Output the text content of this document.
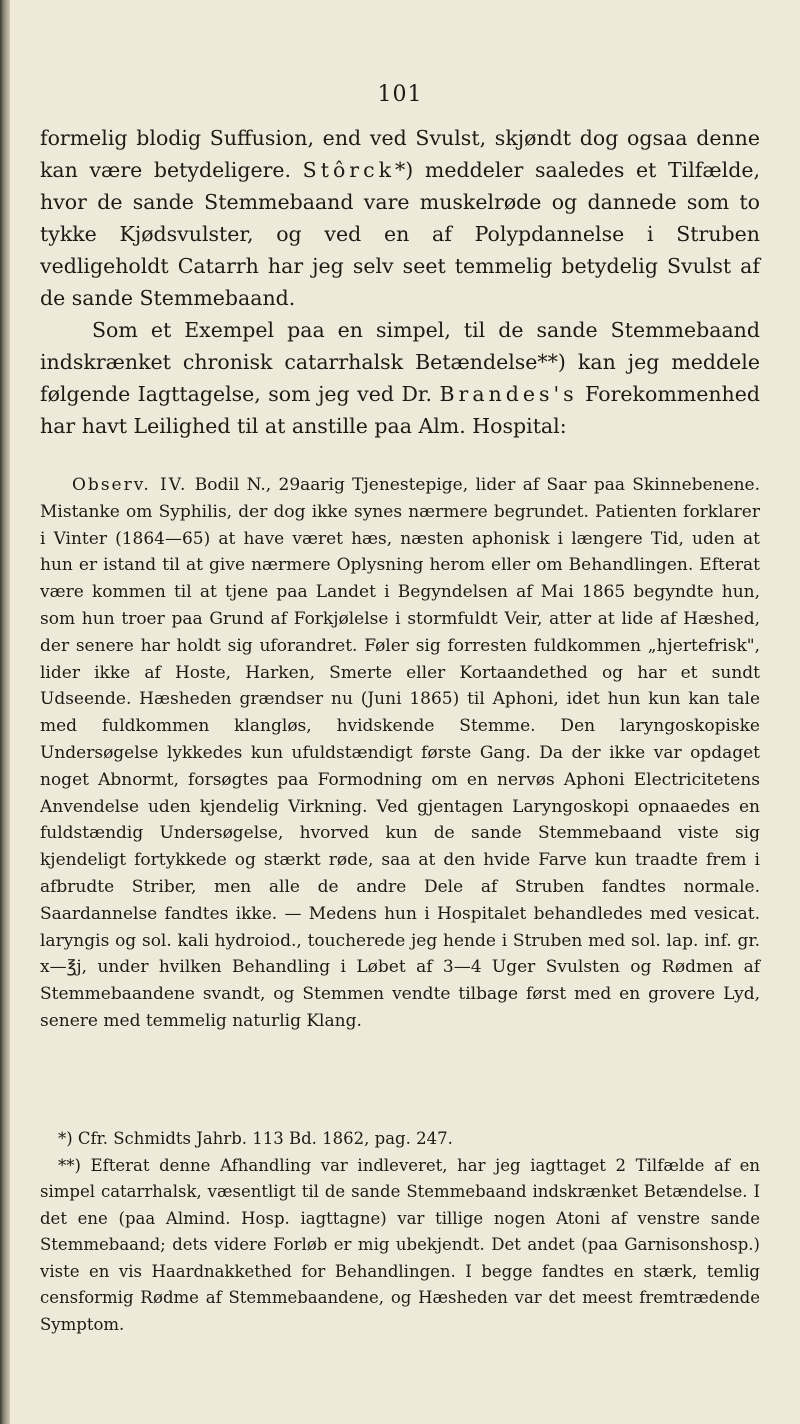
101

formelig blodig Suffusion, end ved Svulst, skjøndt dog ogsaa denne kan være betydeligere. Stôrck*) meddeler saaledes et Tilfælde, hvor de sande Stemmebaand vare muskelrøde og dannede som to tykke Kjødsvulster, og ved en af Polypdannelse i Struben vedligeholdt Catarrh har jeg selv seet temmelig betydelig Svulst af de sande Stemmebaand.

Som et Exempel paa en simpel, til de sande Stemmebaand indskrænket chronisk catarrhalsk Betændelse**) kan jeg meddele følgende Iagttagelse, som jeg ved Dr. Brandes's Forekommenhed har havt Leilighed til at anstille paa Alm. Hospital:

Observ. IV. Bodil N., 29aarig Tjenestepige, lider af Saar paa Skinnebenene. Mistanke om Syphilis, der dog ikke synes nærmere begrundet. Patienten forklarer i Vinter (1864—65) at have været hæs, næsten aphonisk i længere Tid, uden at hun er istand til at give nærmere Oplysning herom eller om Behandlingen. Efterat være kommen til at tjene paa Landet i Begyndelsen af Mai 1865 begyndte hun, som hun troer paa Grund af Forkjølelse i stormfuldt Veir, atter at lide af Hæshed, der senere har holdt sig uforandret. Føler sig forresten fuldkommen „hjertefrisk", lider ikke af Hoste, Harken, Smerte eller Kortaandethed og har et sundt Udseende. Hæsheden grændser nu (Juni 1865) til Aphoni, idet hun kun kan tale med fuldkommen klangløs, hvidskende Stemme. Den laryngoskopiske Undersøgelse lykkedes kun ufuldstændigt første Gang. Da der ikke var opdaget noget Abnormt, forsøgtes paa Formodning om en nervøs Aphoni Electricitetens Anvendelse uden kjendelig Virkning. Ved gjentagen Laryngoskopi opnaaedes en fuldstændig Undersøgelse, hvorved kun de sande Stemmebaand viste sig kjendeligt fortykkede og stærkt røde, saa at den hvide Farve kun traadte frem i afbrudte Striber, men alle de andre Dele af Struben fandtes normale. Saardannelse fandtes ikke. — Medens hun i Hospitalet behandledes med vesicat. laryngis og sol. kali hydroiod., toucherede jeg hende i Struben med sol. lap. inf. gr. x—℥j, under hvilken Behandling i Løbet af 3—4 Uger Svulsten og Rødmen af Stemmebaandene svandt, og Stemmen vendte tilbage først med en grovere Lyd, senere med temmelig naturlig Klang.

*) Cfr. Schmidts Jahrb. 113 Bd. 1862, pag. 247.

**) Efterat denne Afhandling var indleveret, har jeg iagttaget 2 Tilfælde af en simpel catarrhalsk, væsentligt til de sande Stemmebaand indskrænket Betændelse. I det ene (paa Almind. Hosp. iagttagne) var tillige nogen Atoni af venstre sande Stemmebaand; dets videre Forløb er mig ubekjendt. Det andet (paa Garnisonshosp.) viste en vis Haardnakkethed for Behandlingen. I begge fandtes en stærk, temlig censformig Rødme af Stemmebaandene, og Hæsheden var det meest fremtrædende Symptom.
